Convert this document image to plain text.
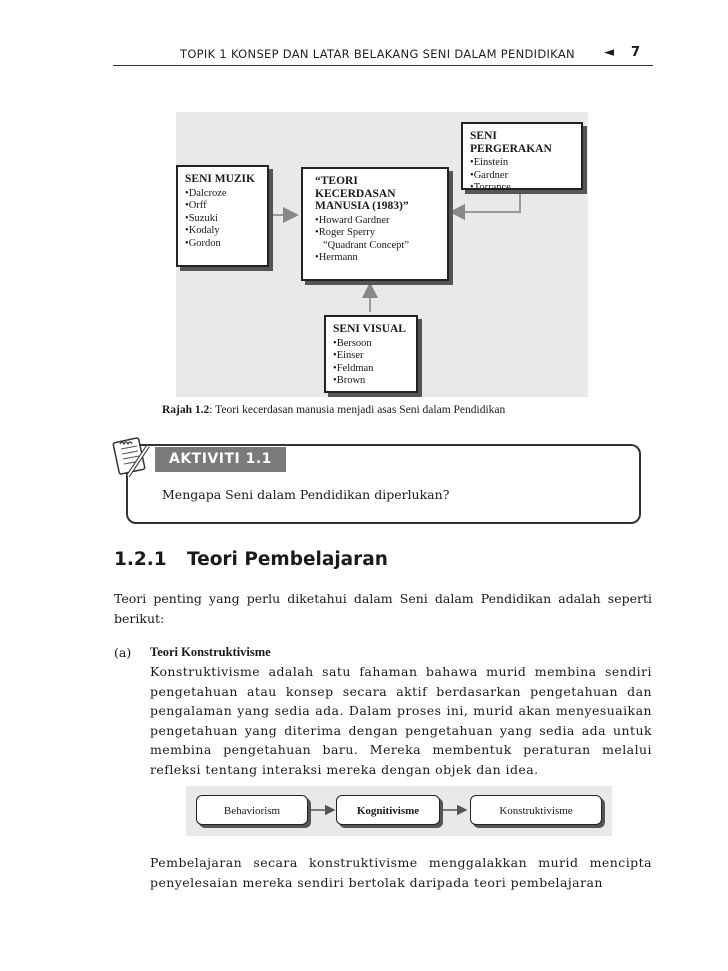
TOPIK 1 KONSEP DAN LATAR BELAKANG SENI DALAM PENDIDIKAN ◄ 7
SENI MUZIK
• Dalcroze
• Orff
• Suzuki
• Kodaly
• Gordon
“TEORI KECERDASAN MANUSIA (1983)”
• Howard Gardner
• Roger Sperry
“Quadrant Concept”
• Hermann
SENI PERGERAKAN
• Einstein
• Gardner
• Torrance
SENI VISUAL
• Bersoon
• Einser
• Feldman
• Brown
Rajah 1.2: Teori kecerdasan manusia menjadi asas Seni dalam Pendidikan
AKTIVITI 1.1
Mengapa Seni dalam Pendidikan diperlukan?
1.2.1 Teori Pembelajaran
Teori penting yang perlu diketahui dalam Seni dalam Pendidikan adalah seperti berikut:
(a) Teori Konstruktivisme
Konstruktivisme adalah satu fahaman bahawa murid membina sendiri pengetahuan atau konsep secara aktif berdasarkan pengetahuan dan pengalaman yang sedia ada. Dalam proses ini, murid akan menyesuaikan pengetahuan yang diterima dengan pengetahuan yang sedia ada untuk membina pengetahuan baru. Mereka membentuk peraturan melalui refleksi tentang interaksi mereka dengan objek dan idea.
Behaviorism	Kognitivisme	Konstruktivisme
Pembelajaran secara konstruktivisme menggalakkan murid mencipta penyelesaian mereka sendiri bertolak daripada teori pembelajaran
